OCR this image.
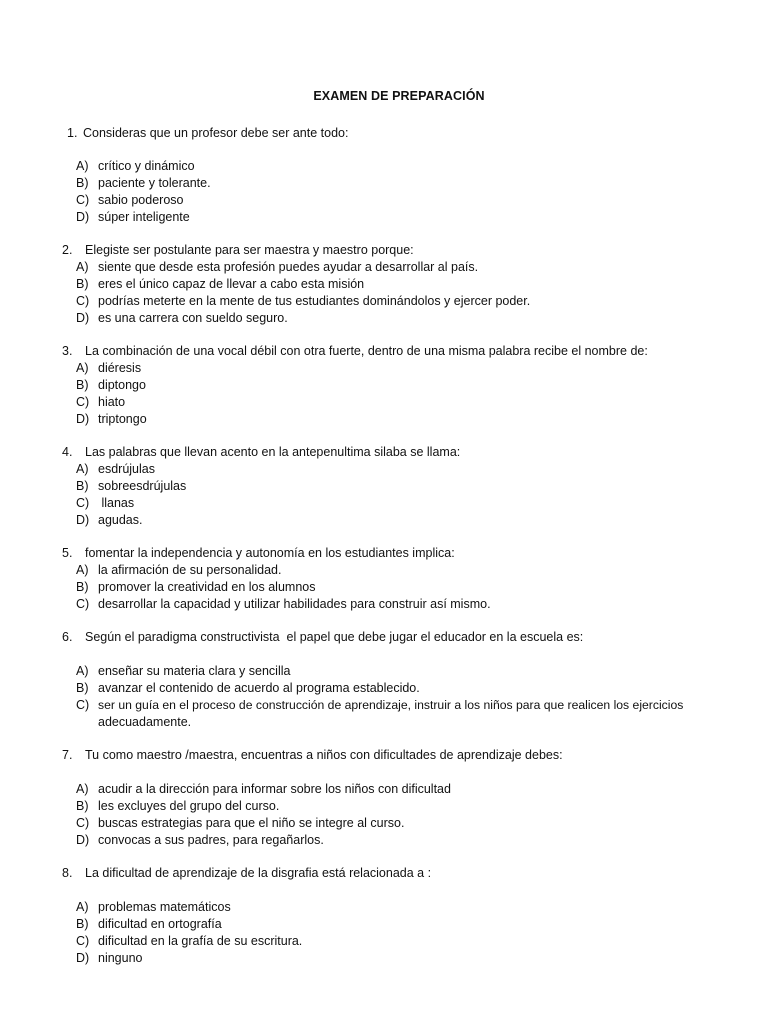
EXAMEN DE PREPARACIÓN
1. Consideras que un profesor debe ser ante todo:
A) crítico y dinámico
B) paciente y tolerante.
C) sabio poderoso
D) súper inteligente
2. Elegiste ser postulante para ser maestra y maestro porque:
A) siente que desde esta profesión puedes ayudar a desarrollar al país.
B) eres el único capaz de llevar a cabo esta misión
C) podrías meterte en la mente de tus estudiantes dominándolos y ejercer poder.
D) es una carrera con sueldo seguro.
3. La combinación de una vocal débil con otra fuerte, dentro de una misma palabra recibe el nombre de:
A) diéresis
B) diptongo
C) hiato
D) triptongo
4. Las palabras que llevan acento en la antepenultima silaba se llama:
A) esdrújulas
B) sobreesdrújulas
C) llanas
D) agudas.
5. fomentar la independencia y autonomía en los estudiantes implica:
A) la afirmación de su personalidad.
B) promover la creatividad en los alumnos
C) desarrollar la capacidad y utilizar habilidades para construir así mismo.
6. Según el paradigma constructivista  el papel que debe jugar el educador en la escuela es:
A) enseñar su materia clara y sencilla
B) avanzar el contenido de acuerdo al programa establecido.
C) ser un guía en el proceso de construcción de aprendizaje, instruir a los niños para que realicen los ejercicios
adecuadamente.
7. Tu como maestro /maestra, encuentras a niños con dificultades de aprendizaje debes:
A) acudir a la dirección para informar sobre los niños con dificultad
B) les excluyes del grupo del curso.
C) buscas estrategias para que el niño se integre al curso.
D) convocas a sus padres, para regañarlos.
8. La dificultad de aprendizaje de la disgrafia está relacionada a :
A) problemas matemáticos
B) dificultad en ortografía
C) dificultad en la grafía de su escritura.
D) ninguno
